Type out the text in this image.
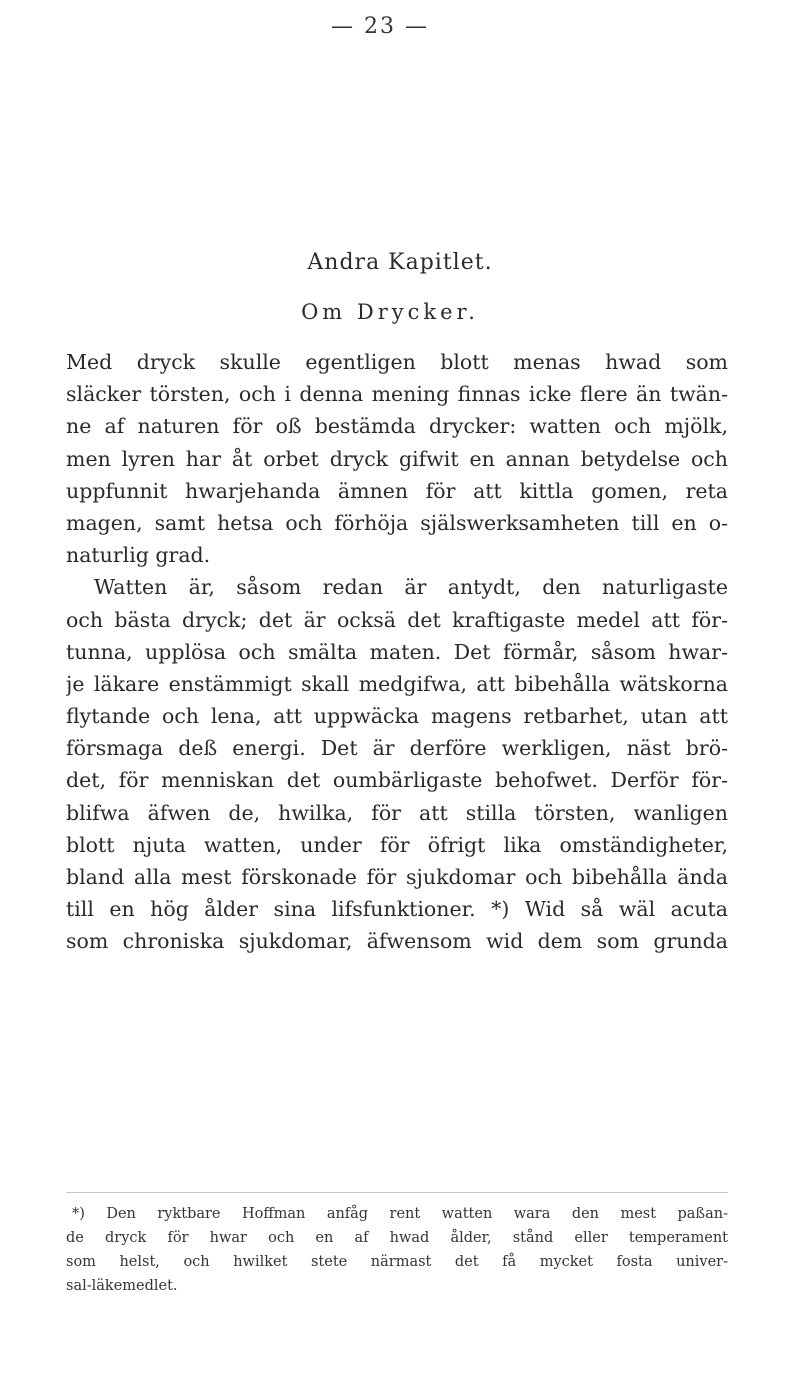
— 23 —
Andra Kapitlet.
Om Drycker.
Med dryck skulle egentligen blott menas hwad som
släcker törsten, och i denna mening finnas icke flere än twän-
ne af naturen för oß bestämda drycker: watten och mjölk,
men lyren har åt orbet dryck gifwit en annan betydelse och
uppfunnit hwarjehanda ämnen för att kittla gomen, reta
magen, samt hetsa och förhöja själswerksamheten till en o-
naturlig grad.
Watten är, såsom redan är antydt, den naturligaste
och bästa dryck; det är ocksä det kraftigaste medel att för-
tunna, upplösa och smälta maten. Det förmår, såsom hwar-
je läkare enstämmigt skall medgifwa, att bibehålla wätskorna
flytande och lena, att uppwäcka magens retbarhet, utan att
försmaga deß energi. Det är derföre werkligen, näst brö-
det, för menniskan det oumbärligaste behofwet. Derför för-
blifwa äfwen de, hwilka, för att stilla törsten, wanligen
blott njuta watten, under för öfrigt lika omständigheter,
bland alla mest förskonade för sjukdomar och bibehålla ända
till en hög ålder sina lifsfunktioner. *) Wid så wäl acuta
som chroniska sjukdomar, äfwensom wid dem som grunda
*) Den ryktbare Hoffman anfåg rent watten wara den mest paßan-
de dryck för hwar och en af hwad ålder, stånd eller temperament
som helst, och hwilket stete närmast det få mycket fosta univer-
sal-läkemedlet.
